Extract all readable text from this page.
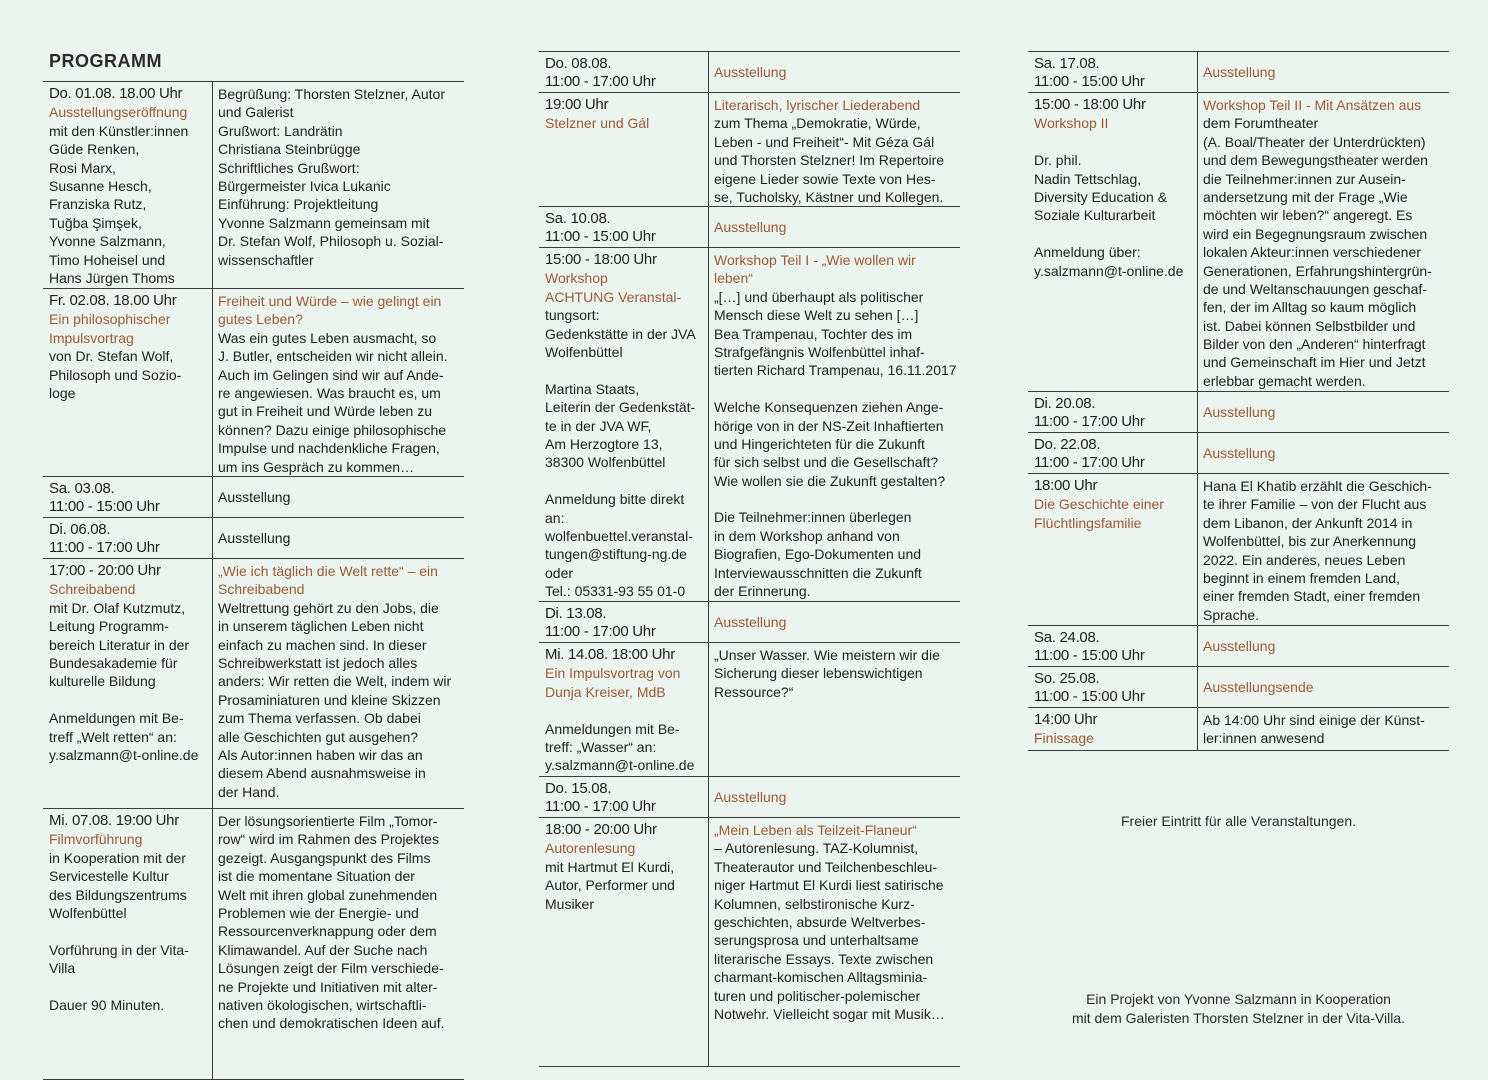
PROGRAMM
Do. 01.08. 18.00 Uhr
Ausstellungseröffnung
mit den Künstler:innen
Güde Renken,
Rosi Marx,
Susanne Hesch,
Franziska Rutz,
Tuğba Şimşek,
Yvonne Salzmann,
Timo Hoheisel und
Hans Jürgen Thoms
Begrüßung: Thorsten Stelzner, Autor
und Galerist
Grußwort: Landrätin
Christiana Steinbrügge
Schriftliches Grußwort:
Bürgermeister Ivica Lukanic
Einführung: Projektleitung
Yvonne Salzmann gemeinsam mit
Dr. Stefan Wolf, Philosoph u. Sozial-
wissenschaftler
Fr. 02.08. 18.00 Uhr
Ein philosophischer
Impulsvortrag
von Dr. Stefan Wolf,
Philosoph und Sozio-
loge
Freiheit und Würde – wie gelingt ein
gutes Leben?
Was ein gutes Leben ausmacht, so
J. Butler, entscheiden wir nicht allein.
Auch im Gelingen sind wir auf Ande-
re angewiesen. Was braucht es, um
gut in Freiheit und Würde leben zu
können? Dazu einige philosophische
Impulse und nachdenkliche Fragen,
um ins Gespräch zu kommen…
Sa. 03.08.
11:00 - 15:00 Uhr
Ausstellung
Di. 06.08.
11:00 - 17:00 Uhr
Ausstellung
17:00 - 20:00 Uhr
Schreibabend
mit Dr. Olaf Kutzmutz,
Leitung Programm-
bereich Literatur in der
Bundesakademie für
kulturelle Bildung
Anmeldungen mit Be-
treff „Welt retten“ an:
y.salzmann@t-online.de
„Wie ich täglich die Welt rette“ – ein
Schreibabend
Weltrettung gehört zu den Jobs, die
in unserem täglichen Leben nicht
einfach zu machen sind. In dieser
Schreibwerkstatt ist jedoch alles
anders: Wir retten die Welt, indem wir
Prosaminiaturen und kleine Skizzen
zum Thema verfassen. Ob dabei
alle Geschichten gut ausgehen?
Als Autor:innen haben wir das an
diesem Abend ausnahmsweise in
der Hand.
Mi. 07.08. 19:00 Uhr
Filmvorführung
in Kooperation mit der
Servicestelle Kultur
des Bildungszentrums
Wolfenbüttel
Vorführung in der Vita-
Villa
Dauer 90 Minuten.
Der lösungsorientierte Film „Tomor-
row“ wird im Rahmen des Projektes
gezeigt. Ausgangspunkt des Films
ist die momentane Situation der
Welt mit ihren global zunehmenden
Problemen wie der Energie- und
Ressourcenverknappung oder dem
Klimawandel. Auf der Suche nach
Lösungen zeigt der Film verschiede-
ne Projekte und Initiativen mit alter-
nativen ökologischen, wirtschaftli-
chen und demokratischen Ideen auf.
Do. 08.08.
11:00 - 17:00 Uhr
Ausstellung
19:00 Uhr
Stelzner und Gál
Literarisch, lyrischer Liederabend
zum Thema „Demokratie, Würde,
Leben - und Freiheit“- Mit Géza Gál
und Thorsten Stelzner! Im Repertoire
eigene Lieder sowie Texte von Hes-
se, Tucholsky, Kästner und Kollegen.
Sa. 10.08.
11:00 - 15:00 Uhr
Ausstellung
15:00 - 18:00 Uhr
Workshop
ACHTUNG Veranstal-
tungsort:
Gedenkstätte in der JVA
Wolfenbüttel
Martina Staats,
Leiterin der Gedenkstät-
te in der JVA WF,
Am Herzogtore 13,
38300 Wolfenbüttel
Anmeldung bitte direkt
an:
wolfenbuettel.veranstal-
tungen@stiftung-ng.de
oder
Tel.: 05331-93 55 01-0
Workshop Teil I - „Wie wollen wir
leben“
„[…] und überhaupt als politischer
Mensch diese Welt zu sehen […]
Bea Trampenau, Tochter des im
Strafgefängnis Wolfenbüttel inhaf-
tierten Richard Trampenau, 16.11.2017
Welche Konsequenzen ziehen Ange-
hörige von in der NS-Zeit Inhaftierten
und Hingerichteten für die Zukunft
für sich selbst und die Gesellschaft?
Wie wollen sie die Zukunft gestalten?
Die Teilnehmer:innen überlegen
in dem Workshop anhand von
Biografien, Ego-Dokumenten und
Interviewausschnitten die Zukunft
der Erinnerung.
Di. 13.08.
11:00 - 17:00 Uhr
Ausstellung
Mi. 14.08. 18:00 Uhr
Ein Impulsvortrag von
Dunja Kreiser, MdB
Anmeldungen mit Be-
treff: „Wasser“ an:
y.salzmann@t-online.de
„Unser Wasser. Wie meistern wir die
Sicherung dieser lebenswichtigen
Ressource?“
Do. 15.08.
11:00 - 17:00 Uhr
Ausstellung
18:00 - 20:00 Uhr
Autorenlesung
mit Hartmut El Kurdi,
Autor, Performer und
Musiker
„Mein Leben als Teilzeit-Flaneur“
– Autorenlesung. TAZ-Kolumnist,
Theaterautor und Teilchenbeschleu-
niger Hartmut El Kurdi liest satirische
Kolumnen, selbstironische Kurz-
geschichten, absurde Weltverbes-
serungsprosa und unterhaltsame
literarische Essays. Texte zwischen
charmant-komischen Alltagsminia-
turen und politischer-polemischer
Notwehr. Vielleicht sogar mit Musik…
Sa. 17.08.
11:00 - 15:00 Uhr
Ausstellung
15:00 - 18:00 Uhr
Workshop II
Dr. phil.
Nadin Tettschlag,
Diversity Education &
Soziale Kulturarbeit
Anmeldung über:
y.salzmann@t-online.de
Workshop Teil II - Mit Ansätzen aus
dem Forumtheater
(A. Boal/Theater der Unterdrückten)
und dem Bewegungstheater werden
die Teilnehmer:innen zur Ausein-
andersetzung mit der Frage „Wie
möchten wir leben?“ angeregt. Es
wird ein Begegnungsraum zwischen
lokalen Akteur:innen verschiedener
Generationen, Erfahrungshintergrün-
de und Weltanschauungen geschaf-
fen, der im Alltag so kaum möglich
ist. Dabei können Selbstbilder und
Bilder von den „Anderen“ hinterfragt
und Gemeinschaft im Hier und Jetzt
erlebbar gemacht werden.
Di. 20.08.
11:00 - 17:00 Uhr
Ausstellung
Do. 22.08.
11:00 - 17:00 Uhr
Ausstellung
18:00 Uhr
Die Geschichte einer
Flüchtlingsfamilie
Hana El Khatib erzählt die Geschich-
te ihrer Familie – von der Flucht aus
dem Libanon, der Ankunft 2014 in
Wolfenbüttel, bis zur Anerkennung
2022. Ein anderes, neues Leben
beginnt in einem fremden Land,
einer fremden Stadt, einer fremden
Sprache.
Sa. 24.08.
11:00 - 15:00 Uhr
Ausstellung
So. 25.08.
11:00 - 15:00 Uhr
Ausstellungsende
14:00 Uhr
Finissage
Ab 14:00 Uhr sind einige der Künst-
ler:innen anwesend
Freier Eintritt für alle Veranstaltungen.
Ein Projekt von Yvonne Salzmann in Kooperation
mit dem Galeristen Thorsten Stelzner in der Vita-Villa.
